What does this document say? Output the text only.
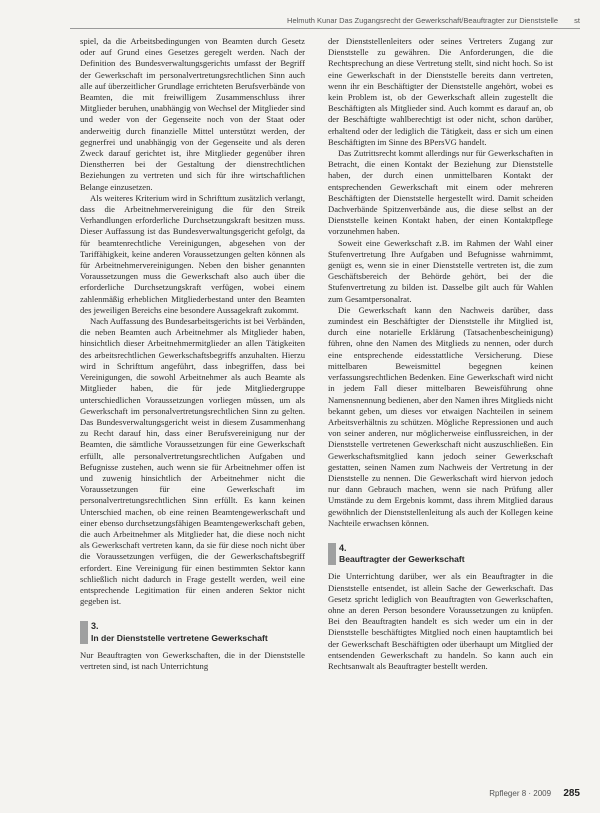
Helmuth Kunar Das Zugangsrecht der Gewerkschaft/Beauftragter zur Dienststelle st

spiel, da die Arbeitsbedingungen von Beamten durch Gesetz oder auf Grund eines Gesetzes geregelt werden. Nach der Definition des Bundesverwaltungsgerichts umfasst der Begriff der Gewerkschaft im personalvertretungsrechtlichen Sinn auch alle auf überzeitlicher Grundlage errichteten Berufsverbände von Beamten, die mit freiwilligem Zusammenschluss ihrer Mitglieder beruhen, unabhängig von Wechsel der Mitglieder sind und weder von der Gegenseite noch von der Staat oder anderweitig durch finanzielle Mittel unterstützt werden, der gegnerfrei und unabhängig von der Gegenseite und als deren Zweck darauf gerichtet ist, ihre Mitglieder gegenüber ihren Dienstherren bei der Gestaltung der dienstrechtlichen Beziehungen zu vertreten und sich für ihre wirtschaftlichen Belange einzusetzen.

Als weiteres Kriterium wird in Schrifttum zusätzlich verlangt, dass die Arbeitnehmervereinigung die für den Streik Verhandlungen erforderliche Durchsetzungskraft besitzen muss. Dieser Auffassung ist das Bundesverwaltungsgericht gefolgt, da für beamtenrechtliche Vereinigungen, abgesehen von der Tariffähigkeit, keine anderen Voraussetzungen gelten können als für Arbeitnehmervereinigungen. Neben den bisher genannten Voraussetzungen muss die Gewerkschaft also auch über die erforderliche Durchsetzungskraft verfügen, wobei einem zahlenmäßig erheblichen Mitgliederbestand unter den Beamten des jeweiligen Bereichs eine besondere Aussagekraft zukommt.

Nach Auffassung des Bundesarbeitsgerichts ist bei Verbänden, die neben Beamten auch Arbeitnehmer als Mitglieder haben, hinsichtlich dieser Arbeitnehmermitglieder an allen Tätigkeiten des arbeitsrechtlichen Gewerkschaftsbegriffs anzuhalten. Hierzu wird in Schrifttum angeführt, dass inbegriffen, dass bei Vereinigungen, die sowohl Arbeitnehmer als auch Beamte als Mitglieder haben, die für jede Mitgliedergruppe unterschiedlichen Voraussetzungen vorliegen müssen, um als Gewerkschaft im personalvertretungsrechtlichen Sinn zu gelten. Das Bundesverwaltungsgericht weist in diesem Zusammenhang zu Recht darauf hin, dass einer Berufsvereinigung nur der Beamten, die sämtliche Voraussetzungen für eine Gewerkschaft erfüllt, alle personalvertretungsrechtlichen Aufgaben und Befugnisse zustehen, auch wenn sie für Arbeitnehmer offen ist und zuwenig hinsichtlich der Arbeitnehmer nicht die Voraussetzungen für eine Gewerkschaft im personalvertretungsrechtlichen Sinn erfüllt. Es kann keinen Unterschied machen, ob eine reinen Beamtengewerkschaft und einer ebenso durchsetzungsfähigen Beamtengewerkschaft geben, die auch Arbeitnehmer als Mitglieder hat, die diese noch nicht als Gewerkschaft vertreten kann, da sie für diese noch nicht über die Voraussetzungen verfügen, die der Gewerkschaftsbegriff erfordert. Eine Vereinigung für einen bestimmten Sektor kann schließlich nicht dadurch in Frage gestellt werden, weil eine entsprechende Legitimation für einen anderen Sektor nicht gegeben ist.

3.
In der Dienststelle vertretene Gewerkschaft

Nur Beauftragten von Gewerkschaften, die in der Dienststelle vertreten sind, ist nach Unterrichtung

der Dienststellenleiters oder seines Vertreters Zugang zur Dienststelle zu gewähren. Die Anforderungen, die die Rechtsprechung an diese Vertretung stellt, sind nicht hoch. So ist eine Gewerkschaft in der Dienststelle bereits dann vertreten, wenn ihr ein Beschäftigter der Dienststelle angehört, wobei es kein Problem ist, ob der Gewerkschaft allein zugestellt die Beschäftigten als Mitglieder sind. Auch kommt es darauf an, ob der Beschäftigte wahlberechtigt ist oder nicht, schon darüber, erhaltend oder der lediglich die Tätigkeit, dass er sich um einen Beschäftigten im Sinne des BPersVG handelt.

Das Zutrittsrecht kommt allerdings nur für Gewerkschaften in Betracht, die einen Kontakt der Beziehung zur Dienststelle haben, der durch einen unmittelbaren Kontakt der entsprechenden Gewerkschaft mit einem oder mehreren Beschäftigten der Dienststelle hergestellt wird. Damit scheiden Dachverbände Spitzenverbände aus, die diese selbst an der Dienststelle keinen Kontakt haben, der einen Kontaktpflege vorzunehmen haben.

Soweit eine Gewerkschaft z.B. im Rahmen der Wahl einer Stufenvertretung Ihre Aufgaben und Befugnisse wahrnimmt, genügt es, wenn sie in einer Dienststelle vertreten ist, die zum Geschäftsbereich der Behörde gehört, bei der die Stufenvertretung zu bilden ist. Dasselbe gilt auch für Wahlen zum Gesamtpersonalrat.

Die Gewerkschaft kann den Nachweis darüber, dass zumindest ein Beschäftigter der Dienststelle ihr Mitglied ist, durch eine notarielle Erklärung (Tatsachenbescheinigung) führen, ohne den Namen des Mitglieds zu nennen, oder durch eine entsprechende eidesstattliche Versicherung. Diese mittelbaren Beweismittel begegnen keinen verfassungsrechtlichen Bedenken. Eine Gewerkschaft wird nicht in jedem Fall dieser mittelbaren Beweisführung ohne Namensnennung bedienen, aber den Namen ihres Mitglieds nicht bekannt geben, um dieses vor etwaigen Nachteilen in seinem Arbeitsverhältnis zu schützen. Mögliche Repressionen und auch von seiner anderen, nur möglicherweise einflussreichen, in der Dienststelle vertretenen Gewerkschaft nicht auszuschließen. Ein Gewerkschaftsmitglied kann jedoch seiner Gewerkschaft gestatten, seinen Namen zum Nachweis der Vertretung in der Dienststelle zu nennen. Die Gewerkschaft wird hiervon jedoch nur dann Gebrauch machen, wenn sie nach Prüfung aller Umstände zu dem Ergebnis kommt, dass ihrem Mitglied daraus gewöhnlich der Dienststellenleitung als auch der Kollegen keine Nachteile erwachsen können.

4.
Beauftragter der Gewerkschaft

Die Unterrichtung darüber, wer als ein Beauftragter in die Dienststelle entsendet, ist allein Sache der Gewerkschaft. Das Gesetz spricht lediglich von Beauftragten von Gewerkschaften, ohne an deren Person besondere Voraussetzungen zu knüpfen. Bei den Beauftragten handelt es sich weder um ein in der Dienststelle beschäftigtes Mitglied noch einen hauptamtlich bei der Gewerkschaft Beschäftigten oder überhaupt um Mitglied der entsendenden Gewerkschaft zu handeln. So kann auch ein Rechtsanwalt als Beauftragter bestellt werden.

Rpfleger 8 · 2009 285
